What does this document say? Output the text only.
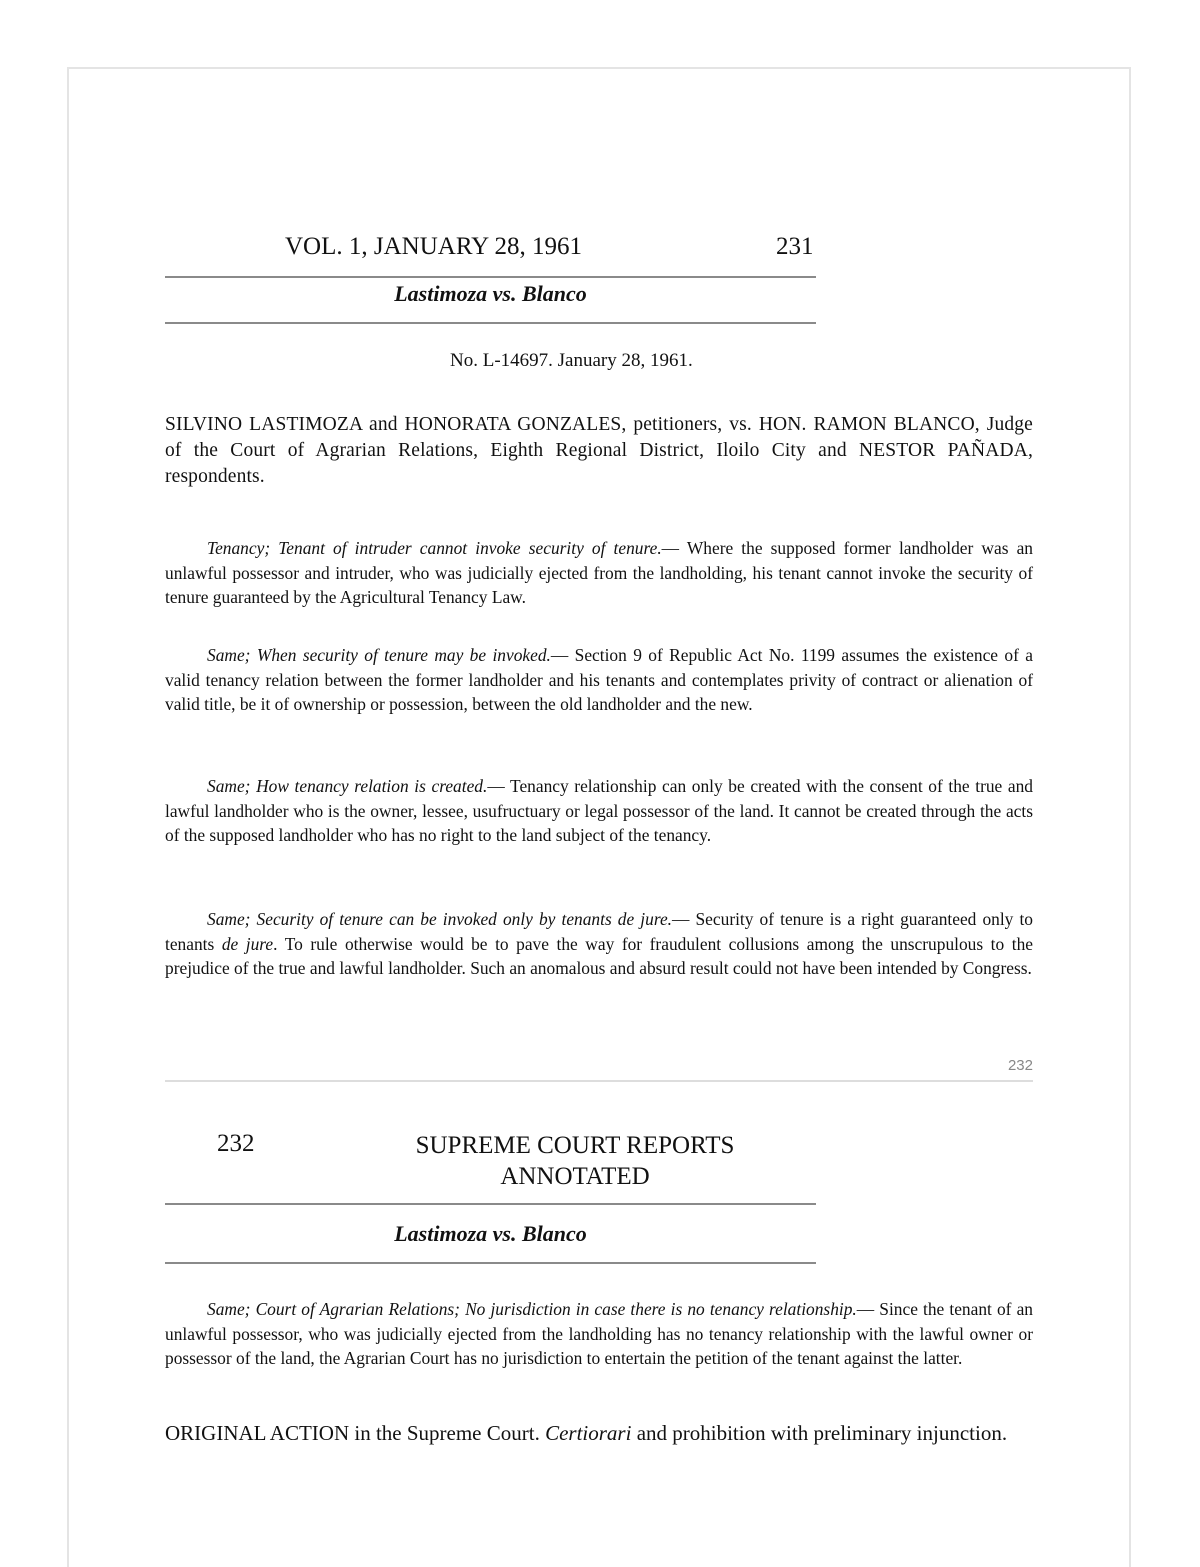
VOL. 1, JANUARY 28, 1961	231
Lastimoza vs. Blanco
No. L-14697. January 28, 1961.
SILVINO LASTIMOZA and HONORATA GONZALES, petitioners, vs. HON. RAMON BLANCO, Judge of the Court of Agrarian Relations, Eighth Regional District, Iloilo City and NESTOR PAÑADA, respondents.
Tenancy; Tenant of intruder cannot invoke security of tenure.— Where the supposed former landholder was an unlawful possessor and intruder, who was judicially ejected from the landholding, his tenant cannot invoke the security of tenure guaranteed by the Agricultural Tenancy Law.
Same; When security of tenure may be invoked.— Section 9 of Republic Act No. 1199 assumes the existence of a valid tenancy relation between the former landholder and his tenants and contemplates privity of contract or alienation of valid title, be it of ownership or possession, between the old landholder and the new.
Same; How tenancy relation is created.— Tenancy relationship can only be created with the consent of the true and lawful landholder who is the owner, lessee, usufructuary or legal possessor of the land. It cannot be created through the acts of the supposed landholder who has no right to the land subject of the tenancy.
Same; Security of tenure can be invoked only by tenants de jure.— Security of tenure is a right guaranteed only to tenants de jure. To rule otherwise would be to pave the way for fraudulent collusions among the unscrupulous to the prejudice of the true and lawful landholder. Such an anomalous and absurd result could not have been intended by Congress.
232
232	SUPREME COURT REPORTS ANNOTATED
Lastimoza vs. Blanco
Same; Court of Agrarian Relations; No jurisdiction in case there is no tenancy relationship.— Since the tenant of an unlawful possessor, who was judicially ejected from the landholding has no tenancy relationship with the lawful owner or possessor of the land, the Agrarian Court has no jurisdiction to entertain the petition of the tenant against the latter.
ORIGINAL ACTION in the Supreme Court. Certiorari and prohibition with preliminary injunction.
